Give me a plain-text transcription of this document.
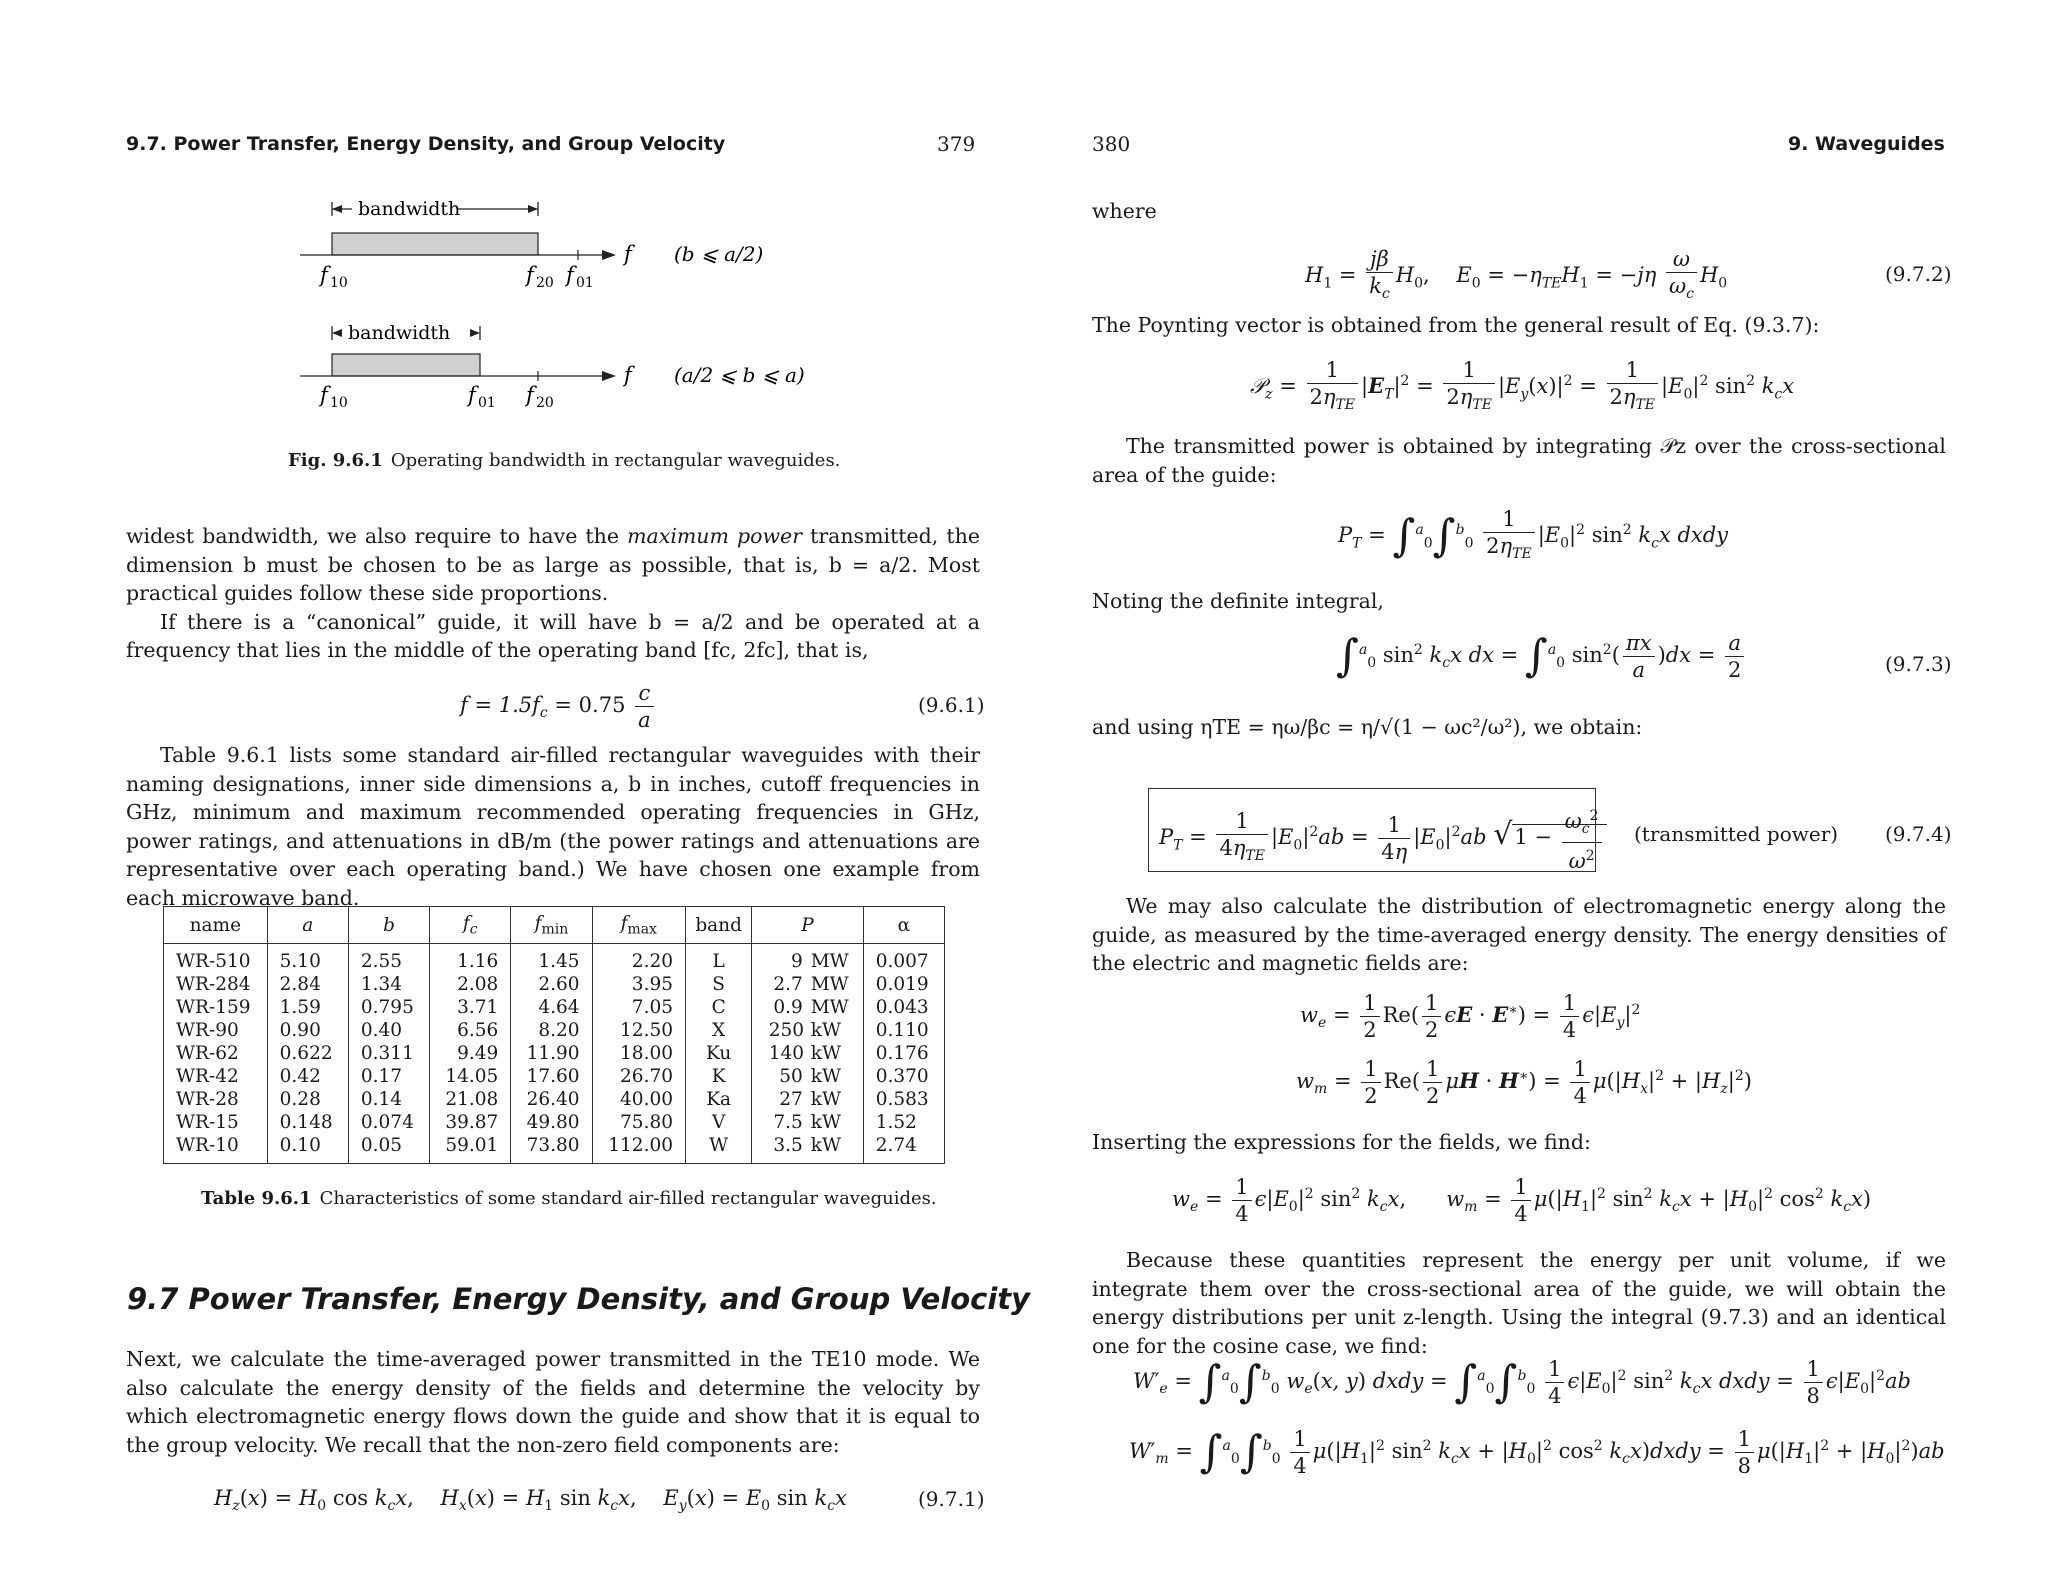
9.7. Power Transfer, Energy Density, and Group Velocity	379
bandwidth
f (b ⩽ a/2)
f 10	f 20 f 01
bandwidth
f (a/2 ⩽ b ⩽ a)
f 10	f 01 f 20
Fig. 9.6.1 Operating bandwidth in rectangular waveguides.

widest bandwidth, we also require to have the maximum power transmitted, the dimension b must be chosen to be as large as possible, that is, b = a/2. Most practical guides follow these side proportions.

If there is a “canonical” guide, it will have b = a/2 and be operated at a frequency that lies in the middle of the operating band [fc, 2fc], that is,

$f = 1.5f_c = 0.75 \frac{c}{a}$	(9.6.1)

Table 9.6.1 lists some standard air-filled rectangular waveguides with their naming designations, inner side dimensions a, b in inches, cutoff frequencies in GHz, minimum and maximum recommended operating frequencies in GHz, power ratings, and attenuations in dB/m (the power ratings and attenuations are representative over each operating band.) We have chosen one example from each microwave band.

name	a	b	$f_c$	$f_{min}$	$f_{max}$	band	P	α
WR-510	5.10	2.55	1.16	1.45	2.20	L	9 MW	0.007
WR-284	2.84	1.34	2.08	2.60	3.95	S	2.7 MW	0.019
WR-159	1.59	0.795	3.71	4.64	7.05	C	0.9 MW	0.043
WR-90	0.90	0.40	6.56	8.20	12.50	X	250 kW	0.110
WR-62	0.622	0.311	9.49	11.90	18.00	Ku	140 kW	0.176
WR-42	0.42	0.17	14.05	17.60	26.70	K	50 kW	0.370
WR-28	0.28	0.14	21.08	26.40	40.00	Ka	27 kW	0.583
WR-15	0.148	0.074	39.87	49.80	75.80	V	7.5 kW	1.52
WR-10	0.10	0.05	59.01	73.80	112.00	W	3.5 kW	2.74
Table 9.6.1 Characteristics of some standard air-filled rectangular waveguides.
9.7 Power Transfer, Energy Density, and Group Velocity

Next, we calculate the time-averaged power transmitted in the TE10 mode. We also calculate the energy density of the fields and determine the velocity by which electromagnetic energy flows down the guide and show that it is equal to the group velocity. We recall that the non-zero field components are:

$H_z(x) = H_0$ $\cos k_cx$,    $H_x(x) = H_1$ $\sin k_cx$,    $E_y(x) = E_0$ $\sin k_cx$	(9.7.1)
380	9. Waveguides
where
$H_1 = \frac{j\beta}{k_c} H_0$,    $E_0 = -\eta_{TE}H_1 = -j\eta \frac{\omega}{\omega_c} H_0$	(9.7.2)
The Poynting vector is obtained from the general result of Eq. (9.3.7):
𝒫$_z$ = $\frac{1}{2\eta_{TE}} |E_T|^2 = \frac{1}{2\eta_{TE}} |E_y(x)|^2 = \frac{1}{2\eta_{TE}} |E_0|^2$ $\sin^2 k_cx$

The transmitted power is obtained by integrating 𝒫z over the cross-sectional area of the guide:

$P_T = \int^a_0\int^b_0 \frac{1}{2\eta_{TE}} |E_0|^2$ $\sin^2 k_cx$ dxdy
Noting the definite integral,
∫$^a_0$ $\sin^2 k_cx$ dx = ∫$^a_0$ $\sin^2( \frac{\pi x}{a} )dx = \frac{a}{2}$	(9.7.3)
and using ηTE = ηω/βc = η/√(1 − ωc²/ω²), we obtain:
$P_T = \frac{1}{4\eta_{TE}} |E_0|^2ab = \frac{1}{4\eta} |E_0|^2ab$ $√1 - \frac{\omega_c^2}{\omega^2}$ (transmitted power) (9.7.4)

We may also calculate the distribution of electromagnetic energy along the guide, as measured by the time-averaged energy density. The energy densities of the electric and magnetic fields are:

$w_e = \frac{1}{2} Re( \frac{1}{2}$ $\epsilon E \cdot E^∗) = \frac{1}{4} \epsilon|E_y|^2$
$w_m = \frac{1}{2} Re( \frac{1}{2}$ $\mu H \cdot H^∗) = \frac{1}{4} \mu(|H_x|^2 + |H_z|^2)$
Inserting the expressions for the fields, we find:
$w_e = \frac{1}{4} \epsilon|E_0|^2$ $\sin^2 k_cx$,      $w_m = \frac{1}{4} \mu(|H_1|^2$ $\sin^2 k_cx + |H_0|^2$ $\cos^2 k_cx$)

Because these quantities represent the energy per unit volume, if we integrate them over the cross-sectional area of the guide, we will obtain the energy distributions per unit z-length. Using the integral (9.7.3) and an identical one for the cosine case, we find:

$W'_e = \int^a_0\int^b_0$ $w_e(x$, y) dxdy = $\int^a_0\int^b_0 \frac{1}{4} \epsilon|E_0|^2$ $\sin^2 k_cx$ dxdy = $\frac{1}{8} \epsilon|E_0|^2ab$
$W'_m = \int^a_0\int^b_0 \frac{1}{4} \mu(|H_1|^2$ $\sin^2 k_cx + |H_0|^2$ $\cos^2$ $k_cx)dxdy = \frac{1}{8} \mu(|H_1|^2 + |H_0|^2)ab$
